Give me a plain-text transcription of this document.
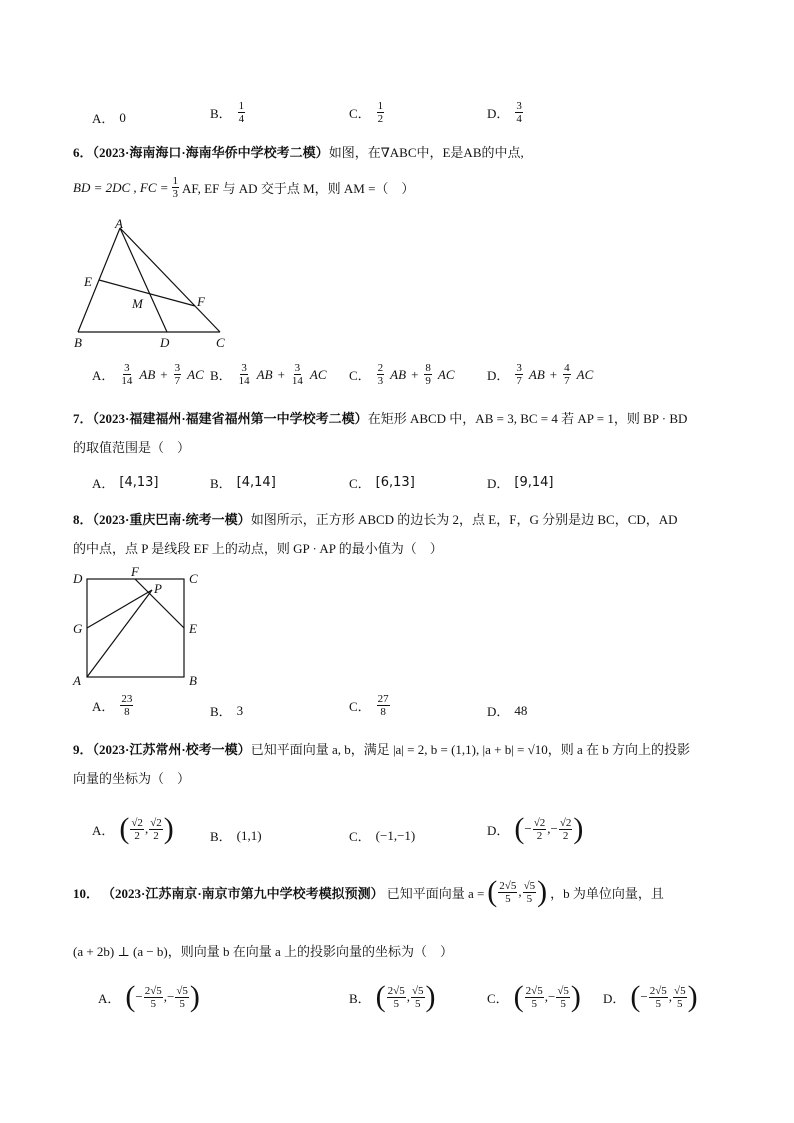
A． 0	B． $\frac{1}{4}$	C． $\frac{1}{2}$	D． $\frac{3}{4}$
6．（2023·海南海口·海南华侨中学校考二模）如图，在∇ABC中，E是AB的中点,
BD = 2DC , FC = $\frac{1}{3}$ AF, EF 与 AD 交于点 M，则 AM =（　）
A
E
M	F
B	D	C
A． $\frac{3}{14}$ AB + $\frac{3}{7}$ AC B． $\frac{3}{14}$ AB + $\frac{3}{14}$ AC C． $\frac{2}{3}$ AB + $\frac{8}{9}$ AC D． $\frac{3}{7}$ AB + $\frac{4}{7}$ AC
7．（2023·福建福州·福建省福州第一中学校考二模）在矩形 ABCD 中，AB = 3, BC = 4 若 AP = 1，则 BP · BD
的取值范围是（　）
A． [4,13]	B． [4,14]	C． [6,13]	D． [9,14]
8．（2023·重庆巴南·统考一模）如图所示，正方形 ABCD 的边长为 2，点 E，F，G 分别是边 BC，CD，AD
的中点，点 P 是线段 EF 上的动点，则 GP · AP 的最小值为（　）
D	F	C
P
G	E
A	B
A． $\frac{23}{8}$	B． 3	C． $\frac{27}{8}$	D． 48
9．（2023·江苏常州·校考一模）已知平面向量 a, b，满足 |a| = 2, b = (1,1), |a + b| = √10，则 a 在 b 方向上的投影
向量的坐标为（　）
A． ( $\frac{√2}{2}$ , $\frac{√2}{2}$ )	B． (1,1)	C． (−1,−1)	D． ( − $\frac{√2}{2}$ , − $\frac{√2}{2}$ )
10． （2023·江苏南京·南京市第九中学校考模拟预测） 已知平面向量 a = ( $\frac{2√5}{5}$ , $\frac{√5}{5}$ ) ，b 为单位向量，且
(a + 2b) ⊥ (a − b)，则向量 b 在向量 a 上的投影向量的坐标为（　）
A． ( − $\frac{2√5}{5}$ , − $\frac{√5}{5}$ )	B． ( $\frac{2√5}{5}$ , $\frac{√5}{5}$ )	C． ( $\frac{2√5}{5}$ , − $\frac{√5}{5}$ ) D． ( − $\frac{2√5}{5}$ , $\frac{√5}{5}$ )
